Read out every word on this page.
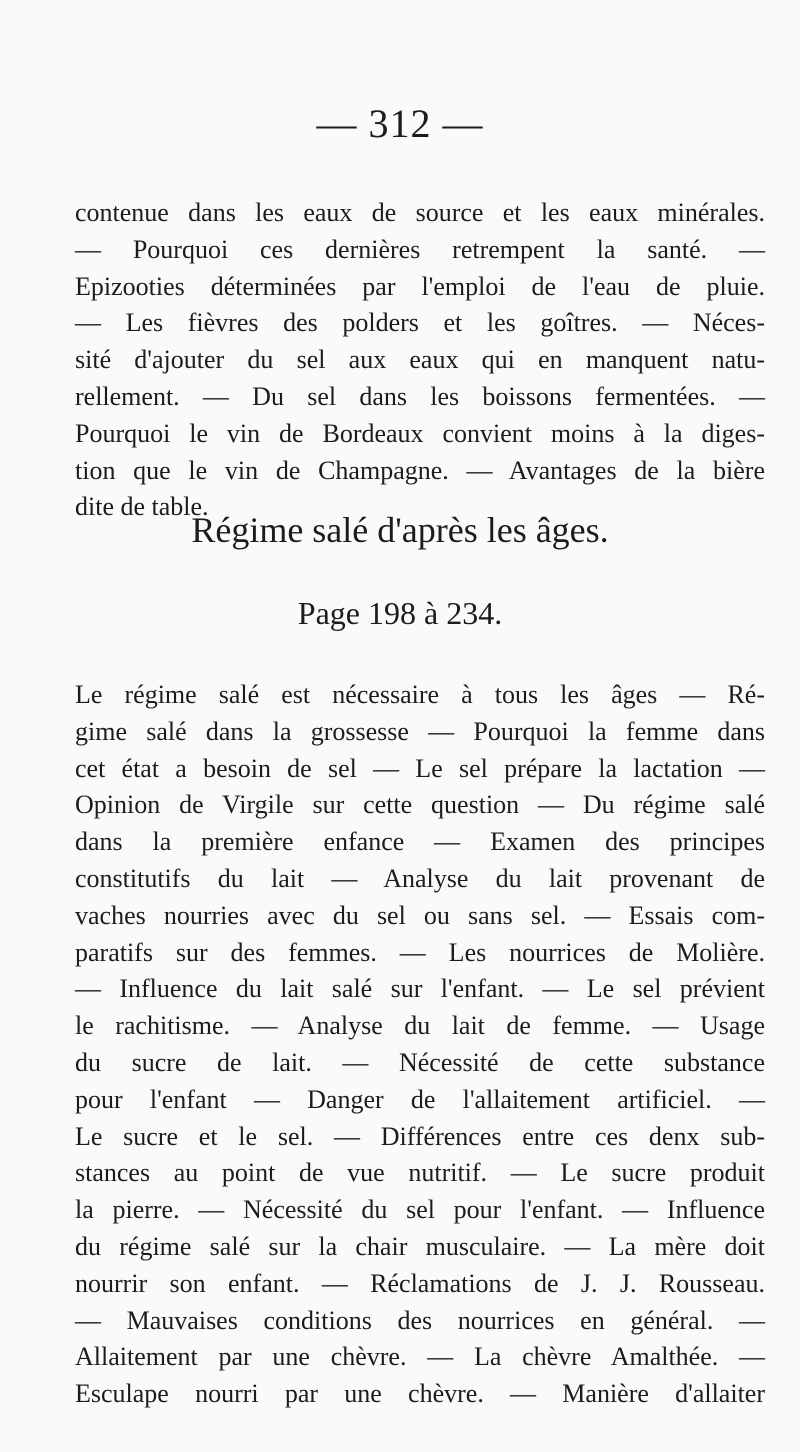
— 312 —
contenue dans les eaux de source et les eaux minérales.
— Pourquoi ces dernières retrempent la santé. —
Epizooties déterminées par l'emploi de l'eau de pluie.
— Les fièvres des polders et les goîtres. — Néces-
sité d'ajouter du sel aux eaux qui en manquent natu-
rellement. — Du sel dans les boissons fermentées. —
Pourquoi le vin de Bordeaux convient moins à la diges-
tion que le vin de Champagne. — Avantages de la bière
dite de table.
Régime salé d'après les âges.
Page 198 à 234.
Le régime salé est nécessaire à tous les âges — Ré-
gime salé dans la grossesse — Pourquoi la femme dans
cet état a besoin de sel — Le sel prépare la lactation —
Opinion de Virgile sur cette question — Du régime salé
dans la première enfance — Examen des principes
constitutifs du lait — Analyse du lait provenant de
vaches nourries avec du sel ou sans sel. — Essais com-
paratifs sur des femmes. — Les nourrices de Molière.
— Influence du lait salé sur l'enfant. — Le sel prévient
le rachitisme. — Analyse du lait de femme. — Usage
du sucre de lait. — Nécessité de cette substance
pour l'enfant — Danger de l'allaitement artificiel. —
Le sucre et le sel. — Différences entre ces denx sub-
stances au point de vue nutritif. — Le sucre produit
la pierre. — Nécessité du sel pour l'enfant. — Influence
du régime salé sur la chair musculaire. — La mère doit
nourrir son enfant. — Réclamations de J. J. Rousseau.
— Mauvaises conditions des nourrices en général. —
Allaitement par une chèvre. — La chèvre Amalthée. —
Esculape nourri par une chèvre. — Manière d'allaiter
